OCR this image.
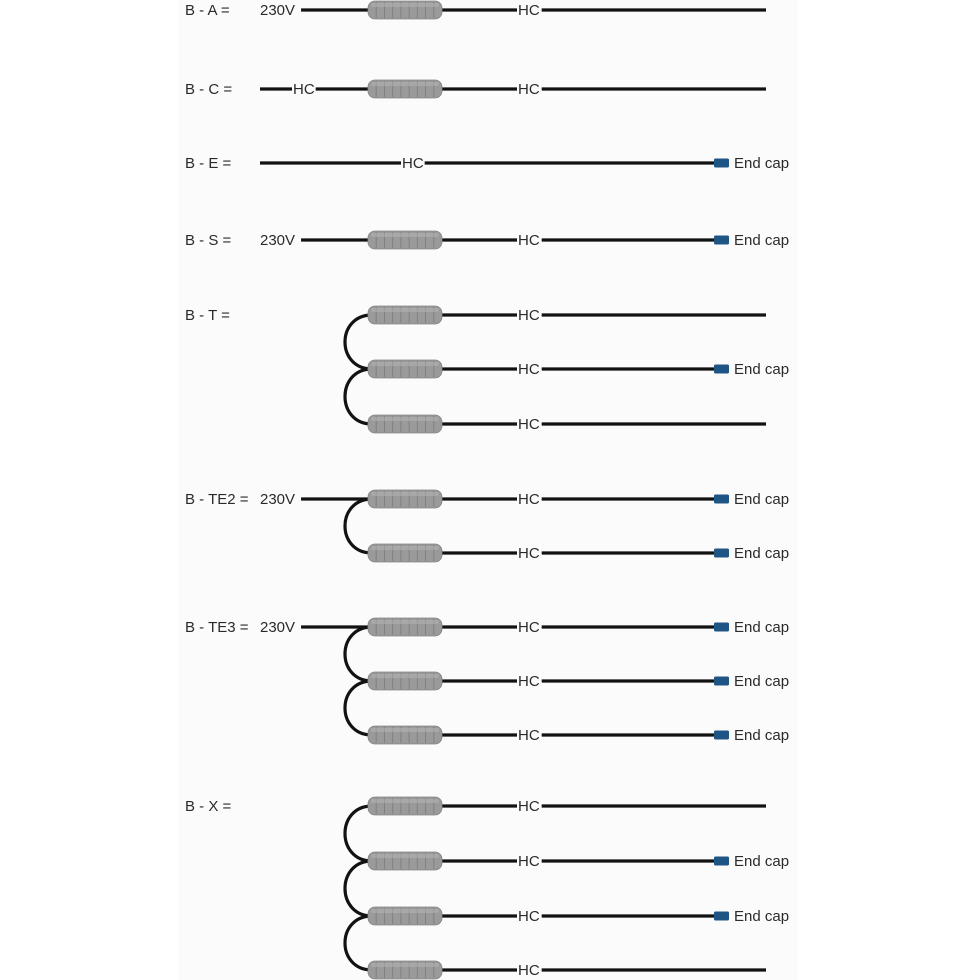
B - A = 230V	HC
B - C =	HC	HC
B - E =	HC	End cap
B - S = 230V	HC	End cap
B - T =	HC
HC	End cap
HC
B - TE2 = 230V	HC	End cap
HC	End cap
B - TE3 = 230V	HC	End cap
HC	End cap
HC	End cap
B - X =	HC
HC	End cap
HC	End cap
HC
